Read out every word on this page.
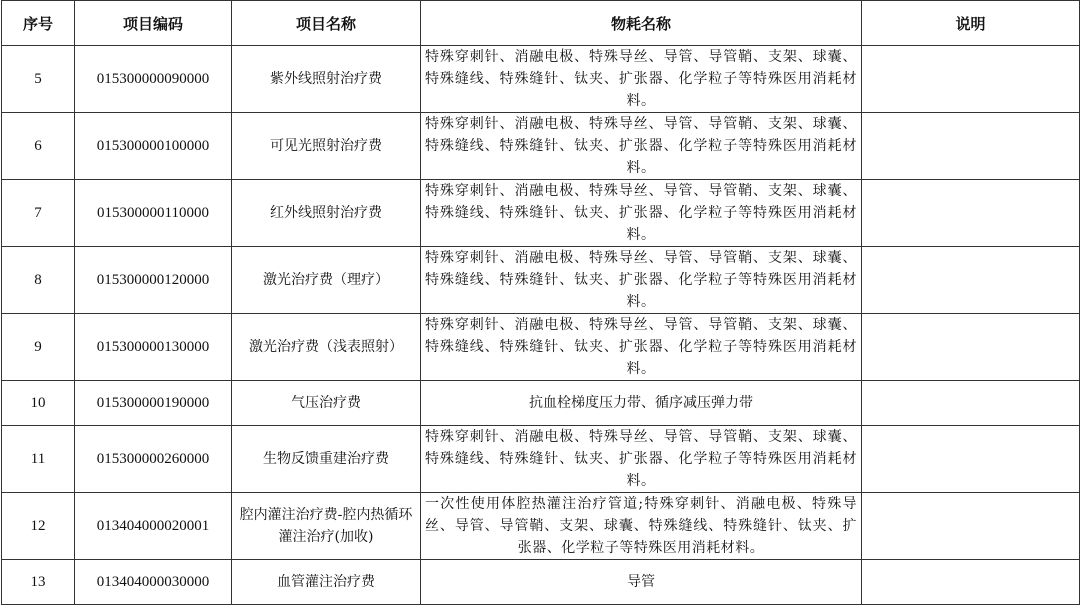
序号	项目编码	项目名称	物耗名称	说明
5	015300000090000	紫外线照射治疗费	特殊穿刺针、消融电极、特殊导丝、导管、导管鞘、支架、球囊、特殊缝线、特殊缝针、钛夹、扩张器、化学粒子等特殊医用消耗材料。	
6	015300000100000	可见光照射治疗费	特殊穿刺针、消融电极、特殊导丝、导管、导管鞘、支架、球囊、特殊缝线、特殊缝针、钛夹、扩张器、化学粒子等特殊医用消耗材料。	
7	015300000110000	红外线照射治疗费	特殊穿刺针、消融电极、特殊导丝、导管、导管鞘、支架、球囊、特殊缝线、特殊缝针、钛夹、扩张器、化学粒子等特殊医用消耗材料。	
8	015300000120000	激光治疗费（理疗）	特殊穿刺针、消融电极、特殊导丝、导管、导管鞘、支架、球囊、特殊缝线、特殊缝针、钛夹、扩张器、化学粒子等特殊医用消耗材料。	
9	015300000130000	激光治疗费（浅表照射）	特殊穿刺针、消融电极、特殊导丝、导管、导管鞘、支架、球囊、特殊缝线、特殊缝针、钛夹、扩张器、化学粒子等特殊医用消耗材料。	
10	015300000190000	气压治疗费	抗血栓梯度压力带、循序减压弹力带	
11	015300000260000	生物反馈重建治疗费	特殊穿刺针、消融电极、特殊导丝、导管、导管鞘、支架、球囊、特殊缝线、特殊缝针、钛夹、扩张器、化学粒子等特殊医用消耗材料。	
12	013404000020001	腔内灌注治疗费-腔内热循环灌注治疗(加收)	一次性使用体腔热灌注治疗管道;特殊穿刺针、消融电极、特殊导丝、导管、导管鞘、支架、球囊、特殊缝线、特殊缝针、钛夹、扩张器、化学粒子等特殊医用消耗材料。	
13	013404000030000	血管灌注治疗费	导管	
